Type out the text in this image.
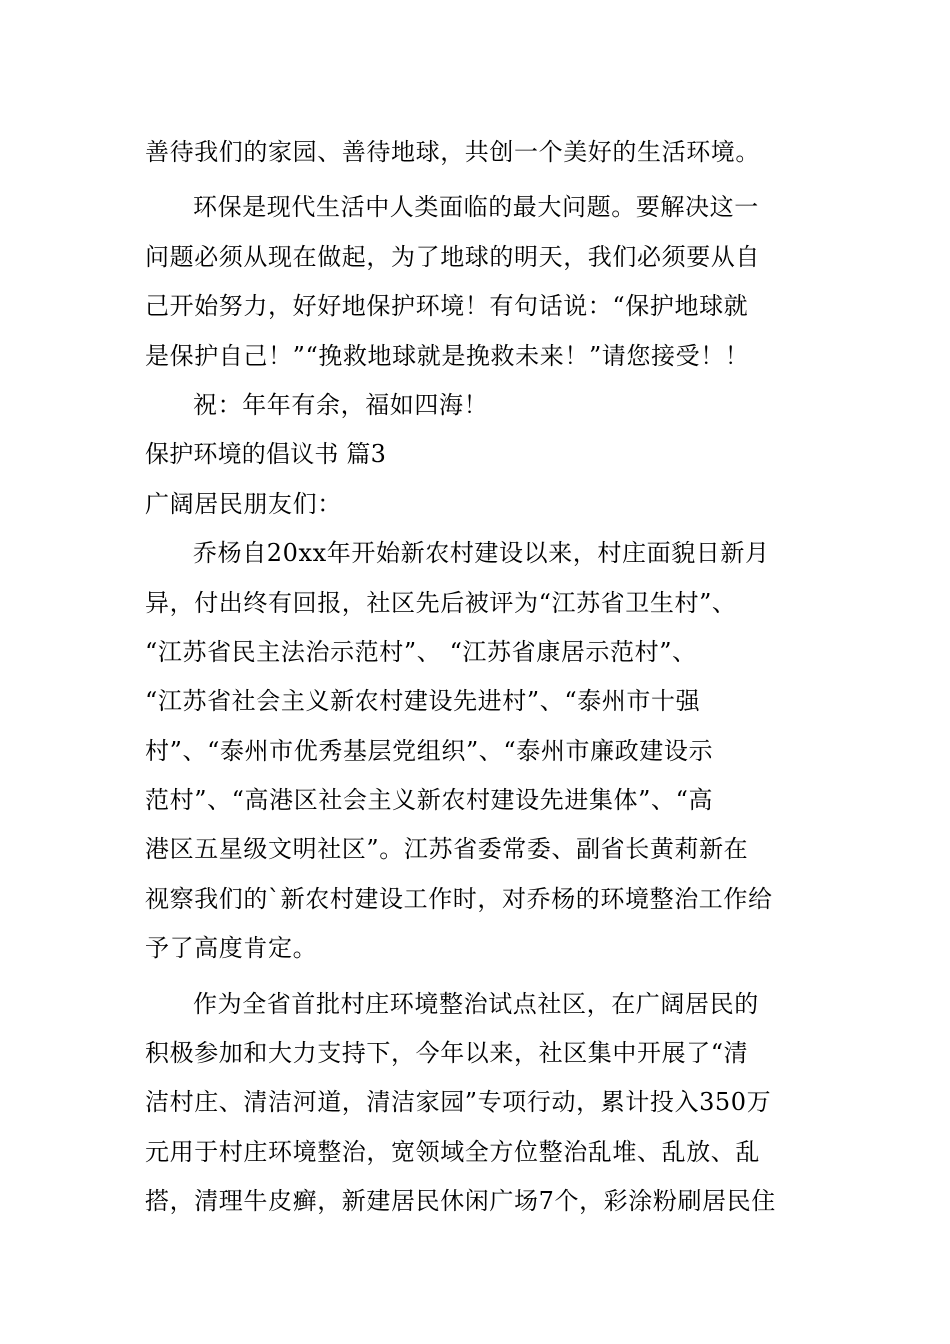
善待我们的家园、善待地球，共创一个美好的生活环境。
环保是现代生活中人类面临的最大问题。要解决这一
问题必须从现在做起，为了地球的明天，我们必须要从自
己开始努力，好好地保护环境！有句话说：“保护地球就
是保护自己！”“挽救地球就是挽救未来！”请您接受！！
祝：年年有余，福如四海！
保护环境的倡议书 篇3
广阔居民朋友们：
乔杨自20xx年开始新农村建设以来，村庄面貌日新月
异，付出终有回报，社区先后被评为“江苏省卫生村”、
“江苏省民主法治示范村”、 “江苏省康居示范村”、
“江苏省社会主义新农村建设先进村”、“泰州市十强
村”、“泰州市优秀基层党组织”、“泰州市廉政建设示
范村”、“高港区社会主义新农村建设先进集体”、“高
港区五星级文明社区”。江苏省委常委、副省长黄莉新在
视察我们的`新农村建设工作时，对乔杨的环境整治工作给
予了高度肯定。
作为全省首批村庄环境整治试点社区，在广阔居民的
积极参加和大力支持下，今年以来，社区集中开展了“清
洁村庄、清洁河道，清洁家园”专项行动，累计投入350万
元用于村庄环境整治，宽领域全方位整治乱堆、乱放、乱
搭，清理牛皮癣，新建居民休闲广场7个，彩涂粉刷居民住
